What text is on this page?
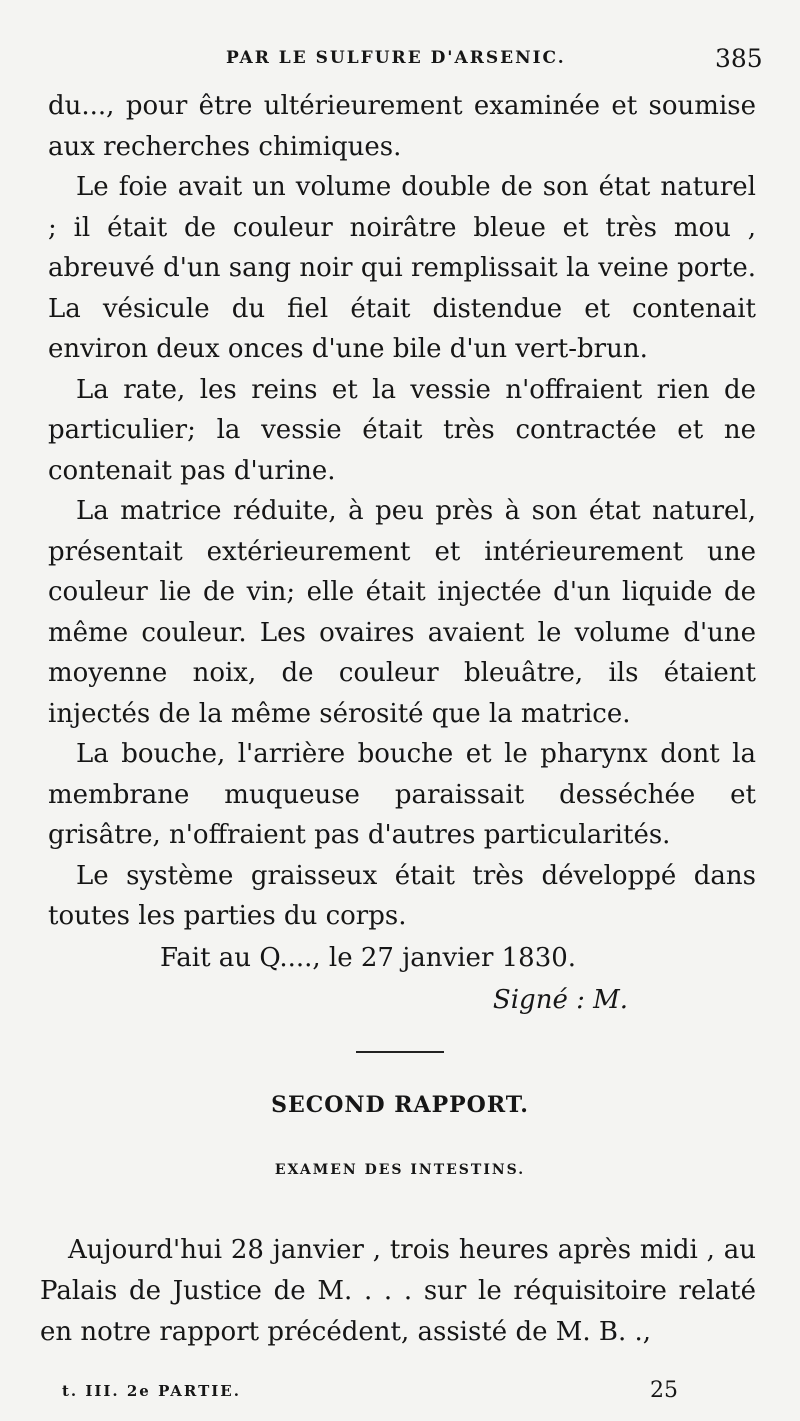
PAR LE SULFURE D'ARSENIC.	385

du..., pour être ultérieurement examinée et soumise aux recherches chimiques.

Le foie avait un volume double de son état naturel ; il était de couleur noirâtre bleue et très mou , abreuvé d'un sang noir qui remplissait la veine porte. La vésicule du fiel était distendue et contenait environ deux onces d'une bile d'un vert-brun.

La rate, les reins et la vessie n'offraient rien de particulier; la vessie était très contractée et ne contenait pas d'urine.

La matrice réduite, à peu près à son état naturel, présentait extérieurement et intérieurement une couleur lie de vin; elle était injectée d'un liquide de même couleur. Les ovaires avaient le volume d'une moyenne noix, de couleur bleuâtre, ils étaient injectés de la même sérosité que la matrice.

La bouche, l'arrière bouche et le pharynx dont la membrane muqueuse paraissait desséchée et grisâtre, n'offraient pas d'autres particularités.

Le système graisseux était très développé dans toutes les parties du corps.

Fait au Q...., le 27 janvier 1830.

Signé : M.

SECOND RAPPORT.
EXAMEN DES INTESTINS.

Aujourd'hui 28 janvier , trois heures après midi , au Palais de Justice de M. . . . sur le réquisitoire relaté en notre rapport précédent, assisté de M. B. .,

t. III. 2e PARTIE.	25
